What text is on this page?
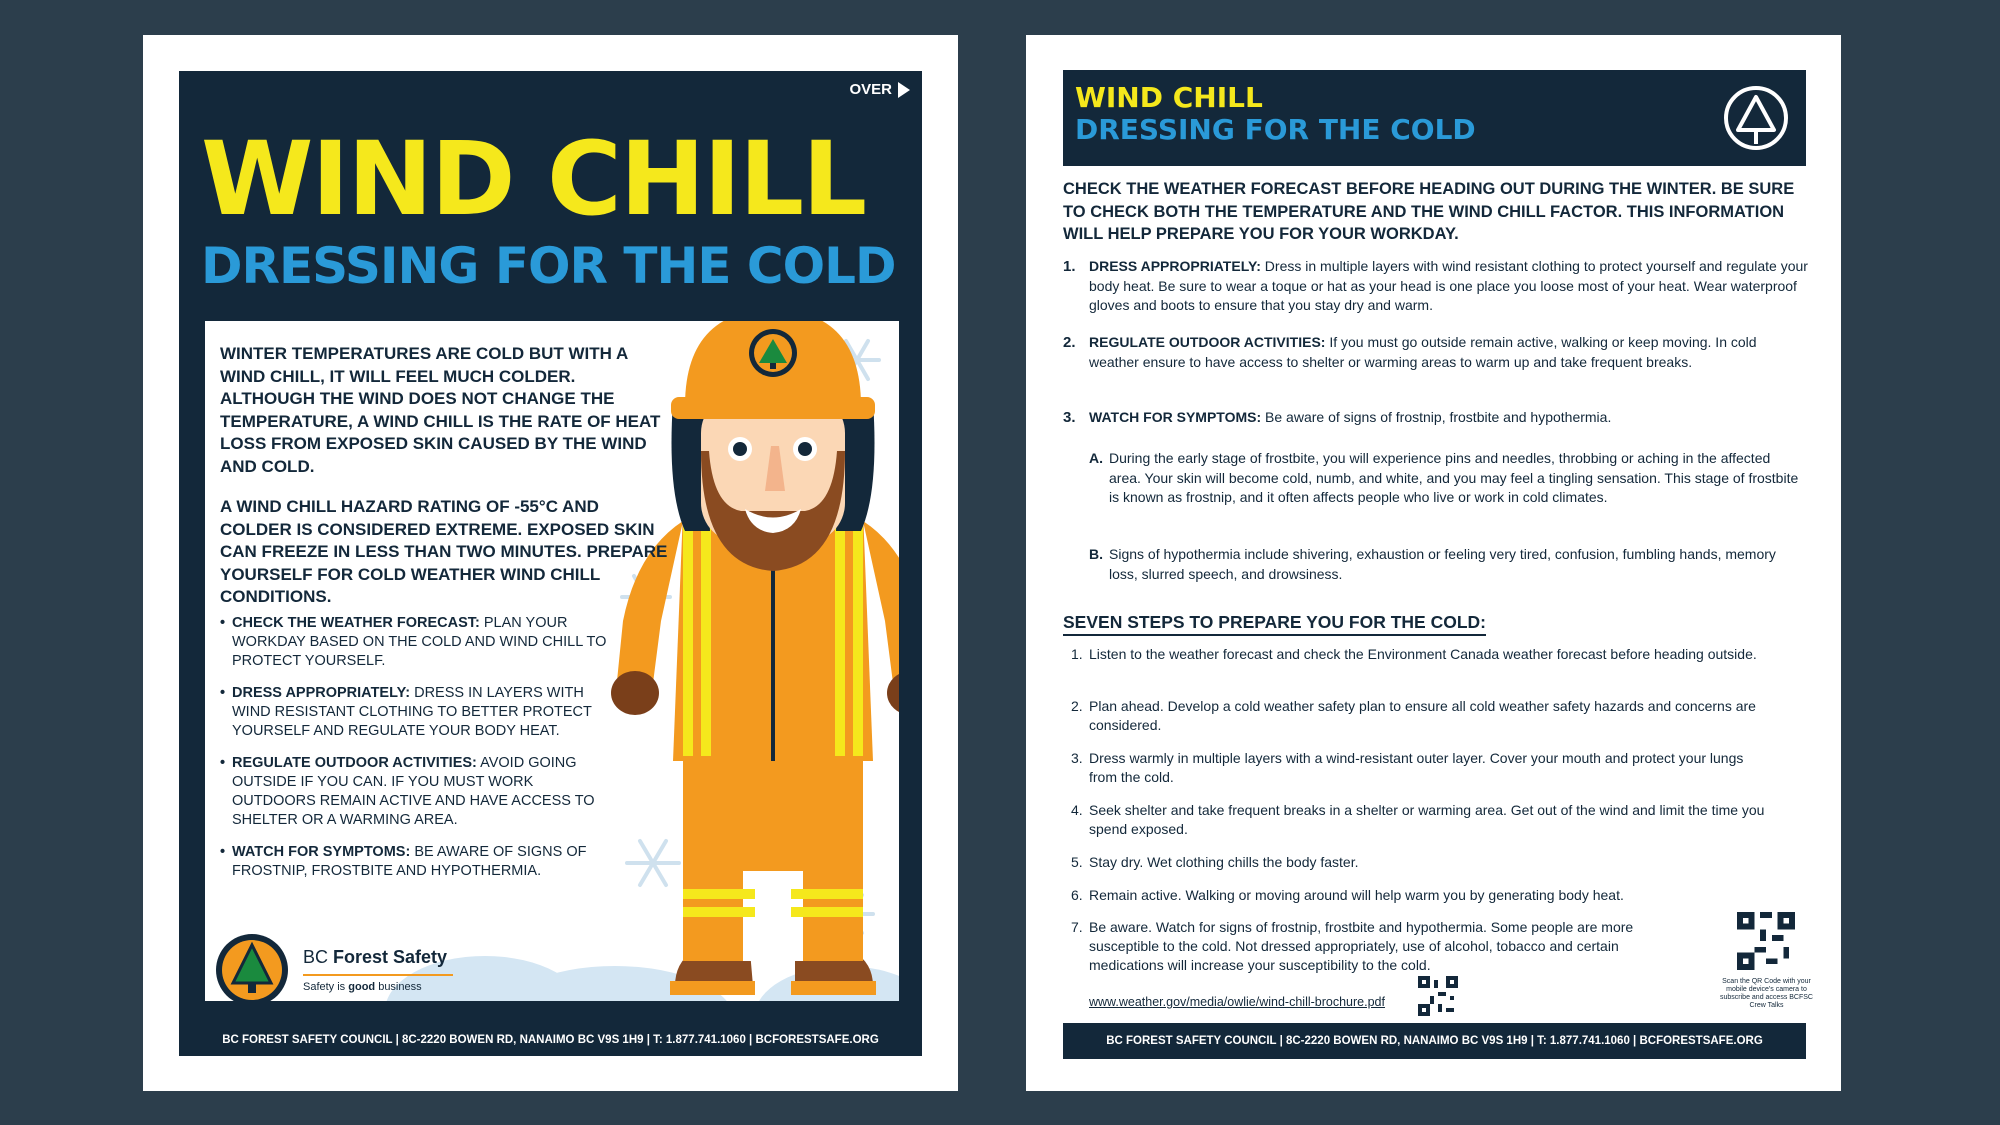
OVER
WIND CHILL
DRESSING FOR THE COLD
WINTER TEMPERATURES ARE COLD BUT WITH A WIND CHILL, IT WILL FEEL MUCH COLDER. ALTHOUGH THE WIND DOES NOT CHANGE THE TEMPERATURE, A WIND CHILL IS THE RATE OF HEAT LOSS FROM EXPOSED SKIN CAUSED BY THE WIND AND COLD.
A WIND CHILL HAZARD RATING OF -55°C AND COLDER IS CONSIDERED EXTREME. EXPOSED SKIN CAN FREEZE IN LESS THAN TWO MINUTES. PREPARE YOURSELF FOR COLD WEATHER WIND CHILL CONDITIONS.
• CHECK THE WEATHER FORECAST: PLAN YOUR WORKDAY BASED ON THE COLD AND WIND CHILL TO PROTECT YOURSELF.
• DRESS APPROPRIATELY: DRESS IN LAYERS WITH WIND RESISTANT CLOTHING TO BETTER PROTECT YOURSELF AND REGULATE YOUR BODY HEAT.
• REGULATE OUTDOOR ACTIVITIES: AVOID GOING OUTSIDE IF YOU CAN. IF YOU MUST WORK OUTDOORS REMAIN ACTIVE AND HAVE ACCESS TO SHELTER OR A WARMING AREA.
• WATCH FOR SYMPTOMS: BE AWARE OF SIGNS OF FROSTNIP, FROSTBITE AND HYPOTHERMIA.
BC Forest Safety
Safety is good business
BC FOREST SAFETY COUNCIL | 8C-2220 BOWEN RD, NANAIMO BC V9S 1H9 | T: 1.877.741.1060 | BCFORESTSAFE.ORG
WIND CHILL
DRESSING FOR THE COLD
CHECK THE WEATHER FORECAST BEFORE HEADING OUT DURING THE WINTER. BE SURE TO CHECK BOTH THE TEMPERATURE AND THE WIND CHILL FACTOR. THIS INFORMATION WILL HELP PREPARE YOU FOR YOUR WORKDAY.
1. DRESS APPROPRIATELY: Dress in multiple layers with wind resistant clothing to protect yourself and regulate your body heat. Be sure to wear a toque or hat as your head is one place you loose most of your heat. Wear waterproof gloves and boots to ensure that you stay dry and warm.
2. REGULATE OUTDOOR ACTIVITIES: If you must go outside remain active, walking or keep moving. In cold weather ensure to have access to shelter or warming areas to warm up and take frequent breaks.
3. WATCH FOR SYMPTOMS: Be aware of signs of frostnip, frostbite and hypothermia.
A. During the early stage of frostbite, you will experience pins and needles, throbbing or aching in the affected area. Your skin will become cold, numb, and white, and you may feel a tingling sensation. This stage of frostbite is known as frostnip, and it often affects people who live or work in cold climates.
B. Signs of hypothermia include shivering, exhaustion or feeling very tired, confusion, fumbling hands, memory loss, slurred speech, and drowsiness.
SEVEN STEPS TO PREPARE YOU FOR THE COLD:
1. Listen to the weather forecast and check the Environment Canada weather forecast before heading outside.
2. Plan ahead. Develop a cold weather safety plan to ensure all cold weather safety hazards and concerns are considered.
3. Dress warmly in multiple layers with a wind-resistant outer layer. Cover your mouth and protect your lungs from the cold.
4. Seek shelter and take frequent breaks in a shelter or warming area. Get out of the wind and limit the time you spend exposed.
5. Stay dry. Wet clothing chills the body faster.
6. Remain active. Walking or moving around will help warm you by generating body heat.
7. Be aware. Watch for signs of frostnip, frostbite and hypothermia. Some people are more susceptible to the cold. Not dressed appropriately, use of alcohol, tobacco and certain medications will increase your susceptibility to the cold.
www.weather.gov/media/owlie/wind-chill-brochure.pdf
Scan the QR Code with your mobile device's camera to subscribe and access BCFSC Crew Talks
BC FOREST SAFETY COUNCIL | 8C-2220 BOWEN RD, NANAIMO BC V9S 1H9 | T: 1.877.741.1060 | BCFORESTSAFE.ORG
